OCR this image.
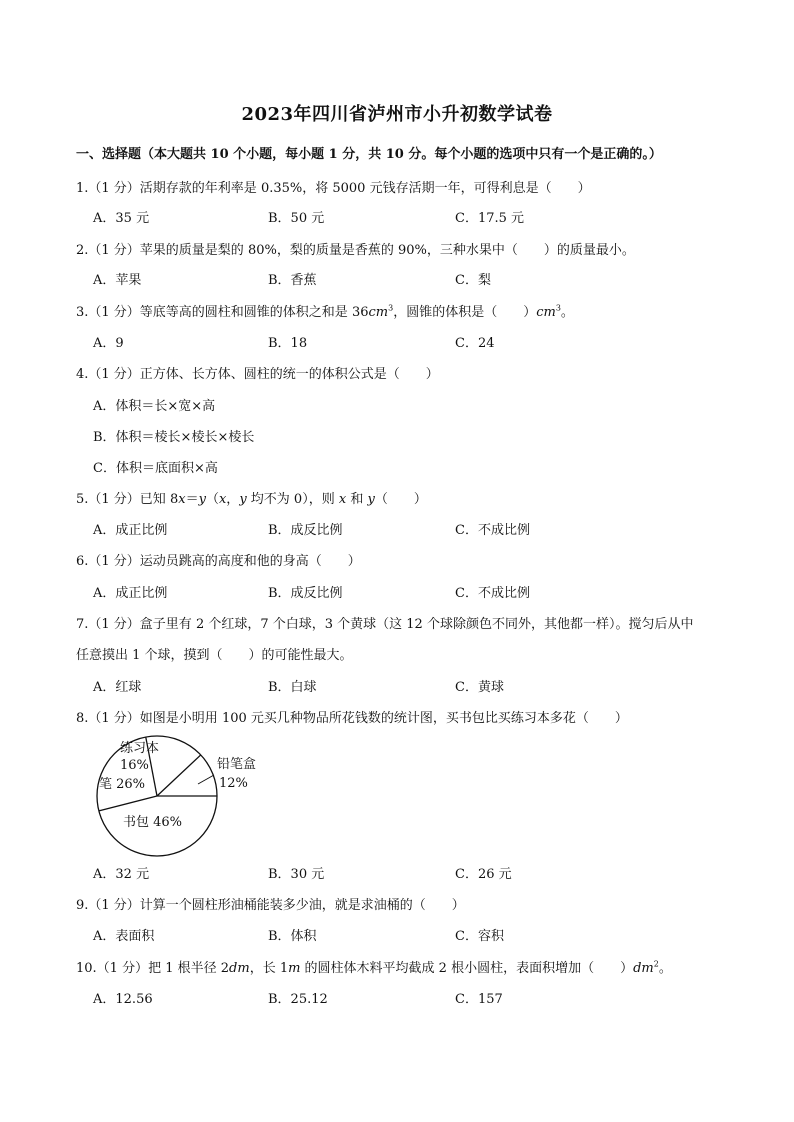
2023年四川省泸州市小升初数学试卷
一、选择题（本大题共 10 个小题，每小题 1 分，共 10 分。每个小题的选项中只有一个是正确的。）
1.（1 分）活期存款的年利率是 0.35%，将 5000 元钱存活期一年，可得利息是（　　）
A．35 元	B．50 元	C．17.5 元
2.（1 分）苹果的质量是梨的 80%，梨的质量是香蕉的 90%，三种水果中（　　）的质量最小。
A．苹果	B．香蕉	C．梨
3.（1 分）等底等高的圆柱和圆锥的体积之和是 $36cm^3$，圆锥的体积是（　　）$cm^3$。
A．9	B．18	C．24
4.（1 分）正方体、长方体、圆柱的统一的体积公式是（　　）
A．体积＝长×宽×高
B．体积＝棱长×棱长×棱长
C．体积＝底面积×高
5.（1 分）已知 8x＝y（x，y 均不为 0），则 x 和 y（　　）
A．成正比例	B．成反比例	C．不成比例
6.（1 分）运动员跳高的高度和他的身高（　　）
A．成正比例	B．成反比例	C．不成比例
7.（1 分）盒子里有 2 个红球，7 个白球，3 个黄球（这 12 个球除颜色不同外，其他都一样）。搅匀后从中
任意摸出 1 个球，摸到（　　）的可能性最大。
A．红球	B．白球	C．黄球
8.（1 分）如图是小明用 100 元买几种物品所花钱数的统计图，买书包比买练习本多花（　　）
练习本
16%	铅笔盒
12%
笔 26%
书包 46%
A．32 元	B．30 元	C．26 元
9.（1 分）计算一个圆柱形油桶能装多少油，就是求油桶的（　　）
A．表面积	B．体积	C．容积
10.（1 分）把 1 根半径 2dm，长 1m 的圆柱体木料平均截成 2 根小圆柱，表面积增加（　　）$dm^2$。
A．12.56	B．25.12	C．157
